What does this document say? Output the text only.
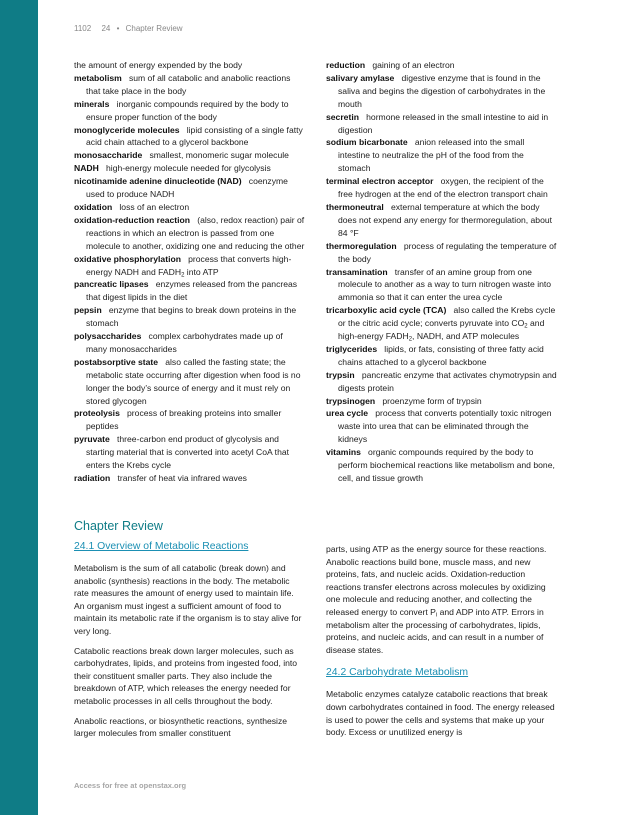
1102 24 • Chapter Review
the amount of energy expended by the body
metabolism sum of all catabolic and anabolic reactions that take place in the body
minerals inorganic compounds required by the body to ensure proper function of the body
monoglyceride molecules lipid consisting of a single fatty acid chain attached to a glycerol backbone
monosaccharide smallest, monomeric sugar molecule
NADH high-energy molecule needed for glycolysis
nicotinamide adenine dinucleotide (NAD) coenzyme used to produce NADH
oxidation loss of an electron
oxidation-reduction reaction (also, redox reaction) pair of reactions in which an electron is passed from one molecule to another, oxidizing one and reducing the other
oxidative phosphorylation process that converts high-energy NADH and $FADH_2$ into ATP
pancreatic lipases enzymes released from the pancreas that digest lipids in the diet
pepsin enzyme that begins to break down proteins in the stomach
polysaccharides complex carbohydrates made up of many monosaccharides
postabsorptive state also called the fasting state; the metabolic state occurring after digestion when food is no longer the body’s source of energy and it must rely on stored glycogen
proteolysis process of breaking proteins into smaller peptides
pyruvate three-carbon end product of glycolysis and starting material that is converted into acetyl CoA that enters the Krebs cycle
radiation transfer of heat via infrared waves
reduction gaining of an electron
salivary amylase digestive enzyme that is found in the saliva and begins the digestion of carbohydrates in the mouth
secretin hormone released in the small intestine to aid in digestion
sodium bicarbonate anion released into the small intestine to neutralize the pH of the food from the stomach
terminal electron acceptor oxygen, the recipient of the free hydrogen at the end of the electron transport chain
thermoneutral external temperature at which the body does not expend any energy for thermoregulation, about 84 °F
thermoregulation process of regulating the temperature of the body
transamination transfer of an amine group from one molecule to another as a way to turn nitrogen waste into ammonia so that it can enter the urea cycle
tricarboxylic acid cycle (TCA) also called the Krebs cycle or the citric acid cycle; converts pyruvate into $CO_2$ and high-energy $FADH_2$, NADH, and ATP molecules
triglycerides lipids, or fats, consisting of three fatty acid chains attached to a glycerol backbone
trypsin pancreatic enzyme that activates chymotrypsin and digests protein
trypsinogen proenzyme form of trypsin
urea cycle process that converts potentially toxic nitrogen waste into urea that can be eliminated through the kidneys
vitamins organic compounds required by the body to perform biochemical reactions like metabolism and bone, cell, and tissue growth
Chapter Review
24.1 Overview of Metabolic Reactions

Metabolism is the sum of all catabolic (break down) and anabolic (synthesis) reactions in the body. The metabolic rate measures the amount of energy used to maintain life. An organism must ingest a sufficient amount of food to maintain its metabolic rate if the organism is to stay alive for very long.

Catabolic reactions break down larger molecules, such as carbohydrates, lipids, and proteins from ingested food, into their constituent smaller parts. They also include the breakdown of ATP, which releases the energy needed for metabolic processes in all cells throughout the body.

Anabolic reactions, or biosynthetic reactions, synthesize larger molecules from smaller constituent

parts, using ATP as the energy source for these reactions. Anabolic reactions build bone, muscle mass, and new proteins, fats, and nucleic acids. Oxidation-reduction reactions transfer electrons across molecules by oxidizing one molecule and reducing another, and collecting the released energy to convert $P_i$ and ADP into ATP. Errors in metabolism alter the processing of carbohydrates, lipids, proteins, and nucleic acids, and can result in a number of disease states.

24.2 Carbohydrate Metabolism

Metabolic enzymes catalyze catabolic reactions that break down carbohydrates contained in food. The energy released is used to power the cells and systems that make up your body. Excess or unutilized energy is

Access for free at openstax.org
